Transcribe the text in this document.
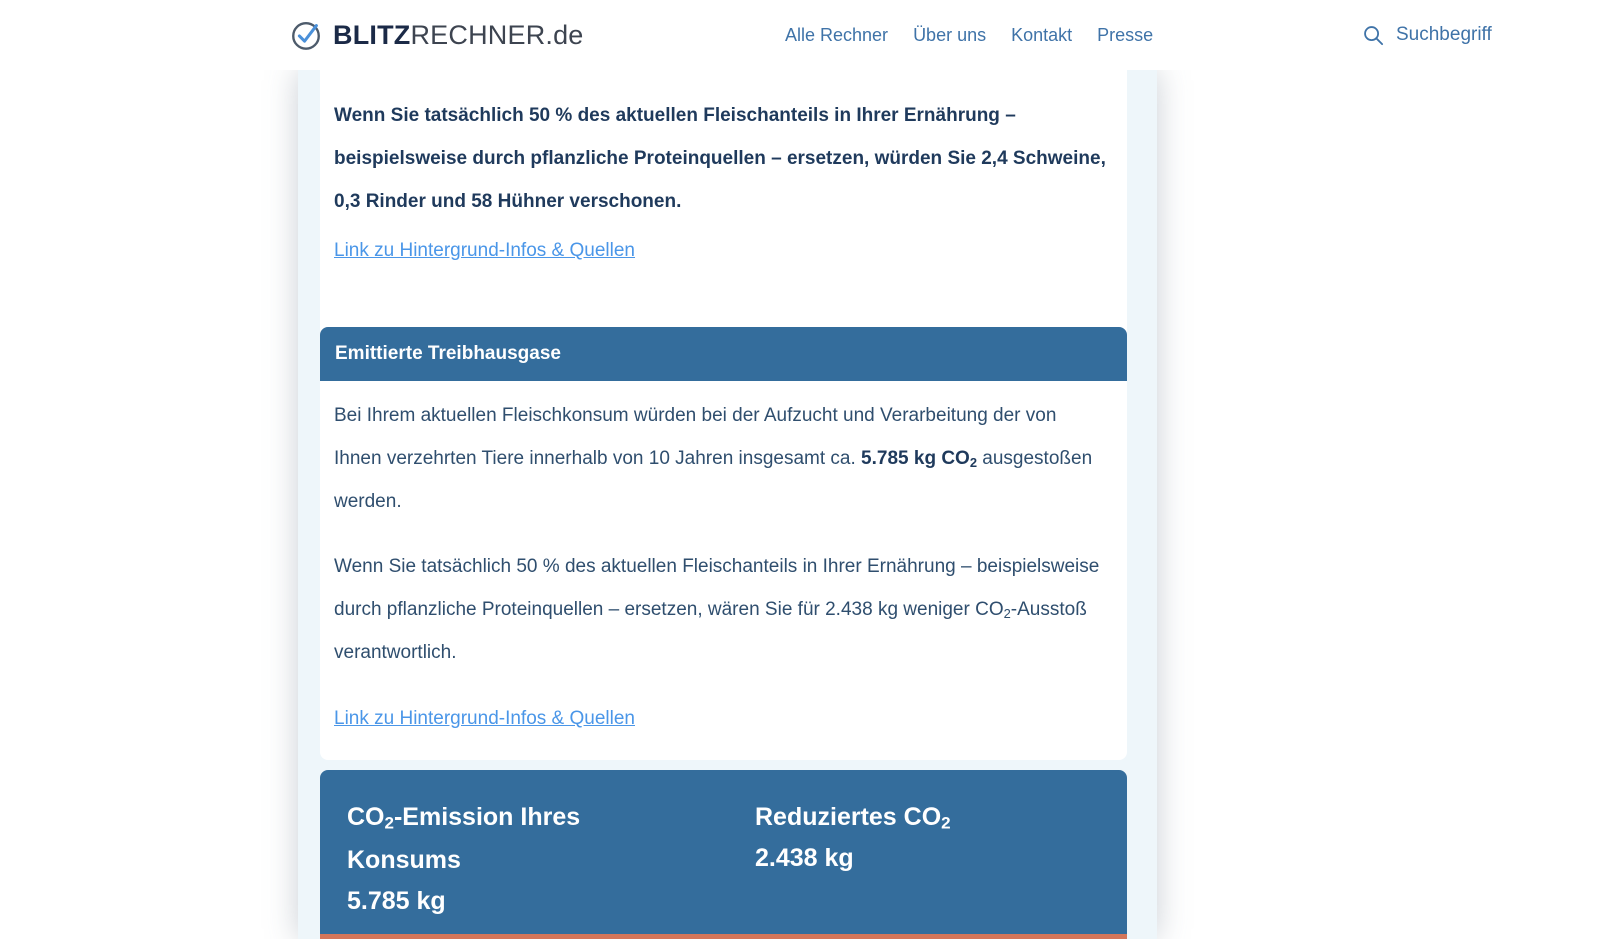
BLITZRECHNER.de	Alle Rechner Über uns Kontakt Presse	Suchbegriff

Wenn Sie tatsächlich 50 % des aktuellen Fleischanteils in Ihrer Ernährung – beispielsweise durch pflanzliche Proteinquellen – ersetzen, würden Sie 2,4 Schweine, 0,3 Rinder und 58 Hühner verschonen.

Link zu Hintergrund-Infos & Quellen
Emittierte Treibhausgase

Bei Ihrem aktuellen Fleischkonsum würden bei der Aufzucht und Verarbeitung der von Ihnen verzehrten Tiere innerhalb von 10 Jahren insgesamt ca. 5.785 kg $CO_2$ ausgestoßen werden.

Wenn Sie tatsächlich 50 % des aktuellen Fleischanteils in Ihrer Ernährung – beispielsweise durch pflanzliche Proteinquellen – ersetzen, wären Sie für 2.438 kg weniger $CO_2$-Ausstoß verantwortlich.

Link zu Hintergrund-Infos & Quellen
$CO_2$-Emission Ihres Konsums
5.785 kg
Reduziertes $CO_2$
2.438 kg
